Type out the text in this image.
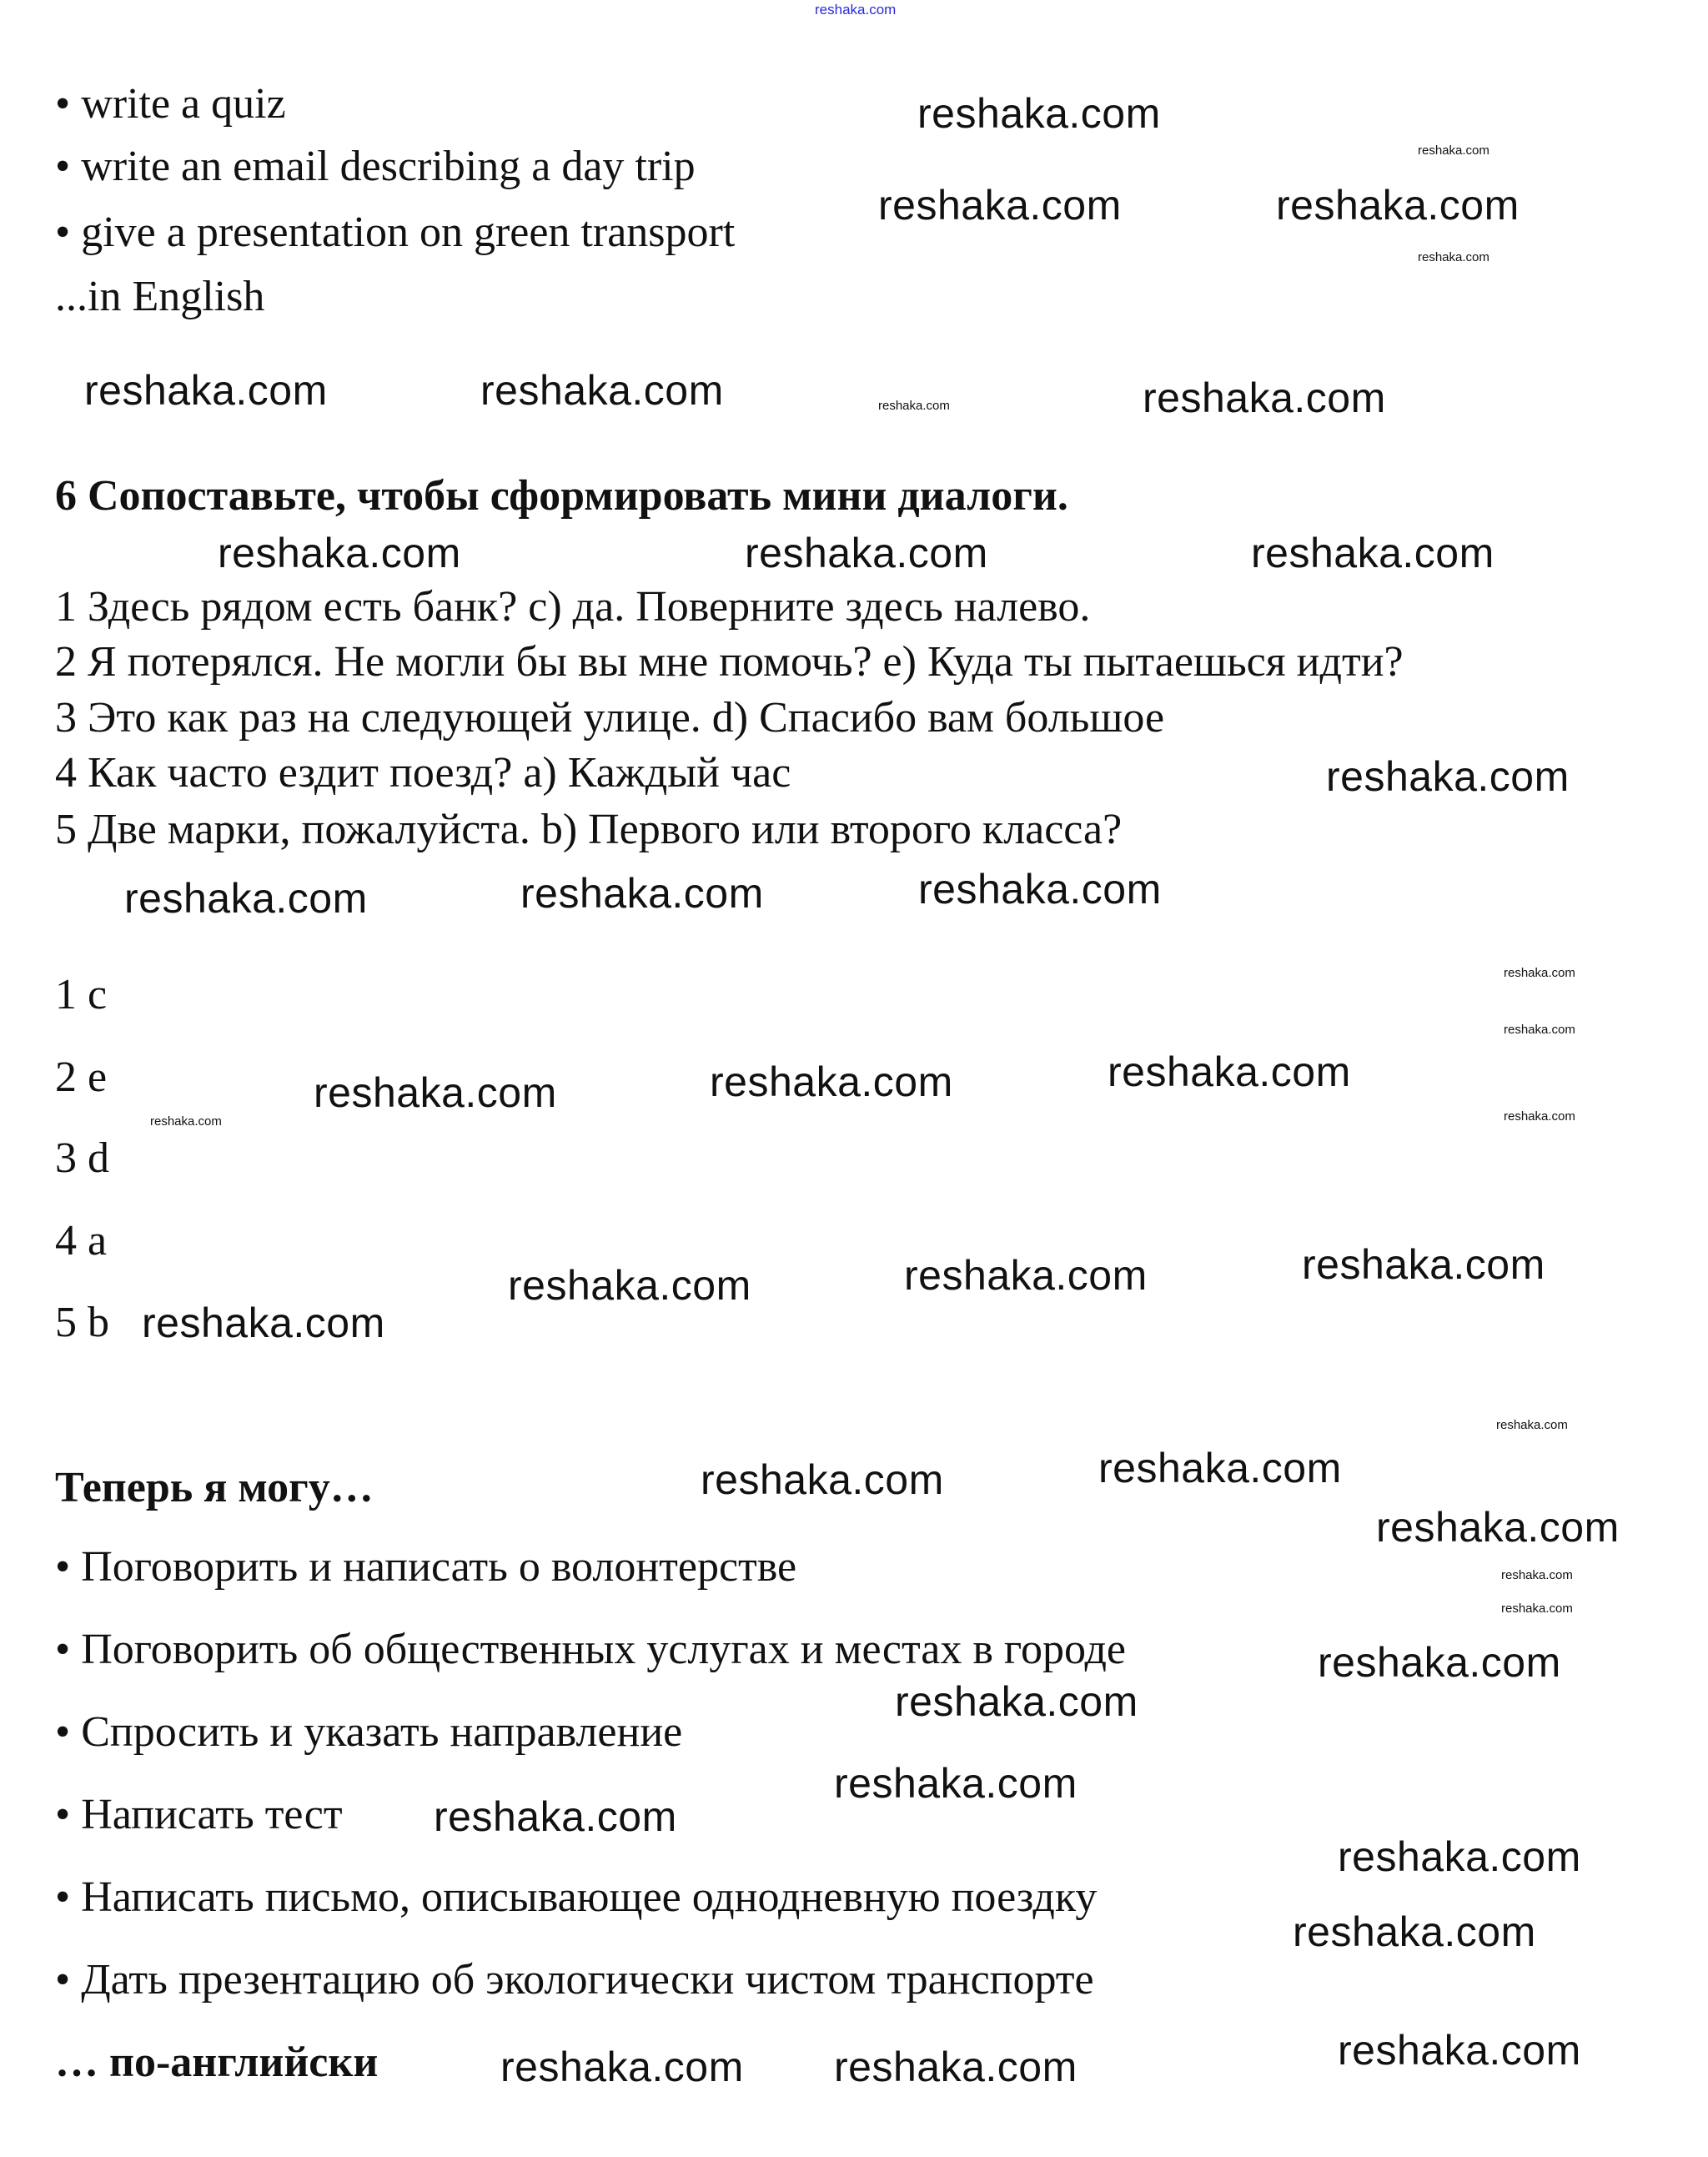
reshaka.com
• write a quiz
• write an email describing a day trip
• give a presentation on green transport
...in English
6 Сопоставьте, чтобы сформировать мини диалоги.
1 Здесь рядом есть банк? c) да. Поверните здесь налево.
2 Я потерялся. Не могли бы вы мне помочь? e) Куда ты пытаешься идти?
3 Это как раз на следующей улице. d) Спасибо вам большое
4 Как часто ездит поезд? a) Каждый час
5 Две марки, пожалуйста. b) Первого или второго класса?
1 c
2 e
3 d
4 a
5 b
Теперь я могу…
• Поговорить и написать о волонтерстве
• Поговорить об общественных услугах и местах в городе
• Спросить и указать направление
• Написать тест
• Написать письмо, описывающее однодневную поездку
• Дать презентацию об экологически чистом транспорте
… по-английски
reshaka.com
reshaka.com	reshaka.com
reshaka.com	reshaka.com	reshaka.com
reshaka.com	reshaka.com	reshaka.com
reshaka.com
reshaka.com	reshaka.com	reshaka.com
reshaka.com	reshaka.com	reshaka.com
reshaka.com
reshaka.com	reshaka.com	reshaka.com
reshaka.com	reshaka.com
reshaka.com
reshaka.com
reshaka.com
reshaka.com
reshaka.com
reshaka.com
reshaka.com
reshaka.com reshaka.com	reshaka.com
reshaka.com
reshaka.com
reshaka.com
reshaka.com
reshaka.com
reshaka.com
reshaka.com
reshaka.com
reshaka.com
reshaka.com
